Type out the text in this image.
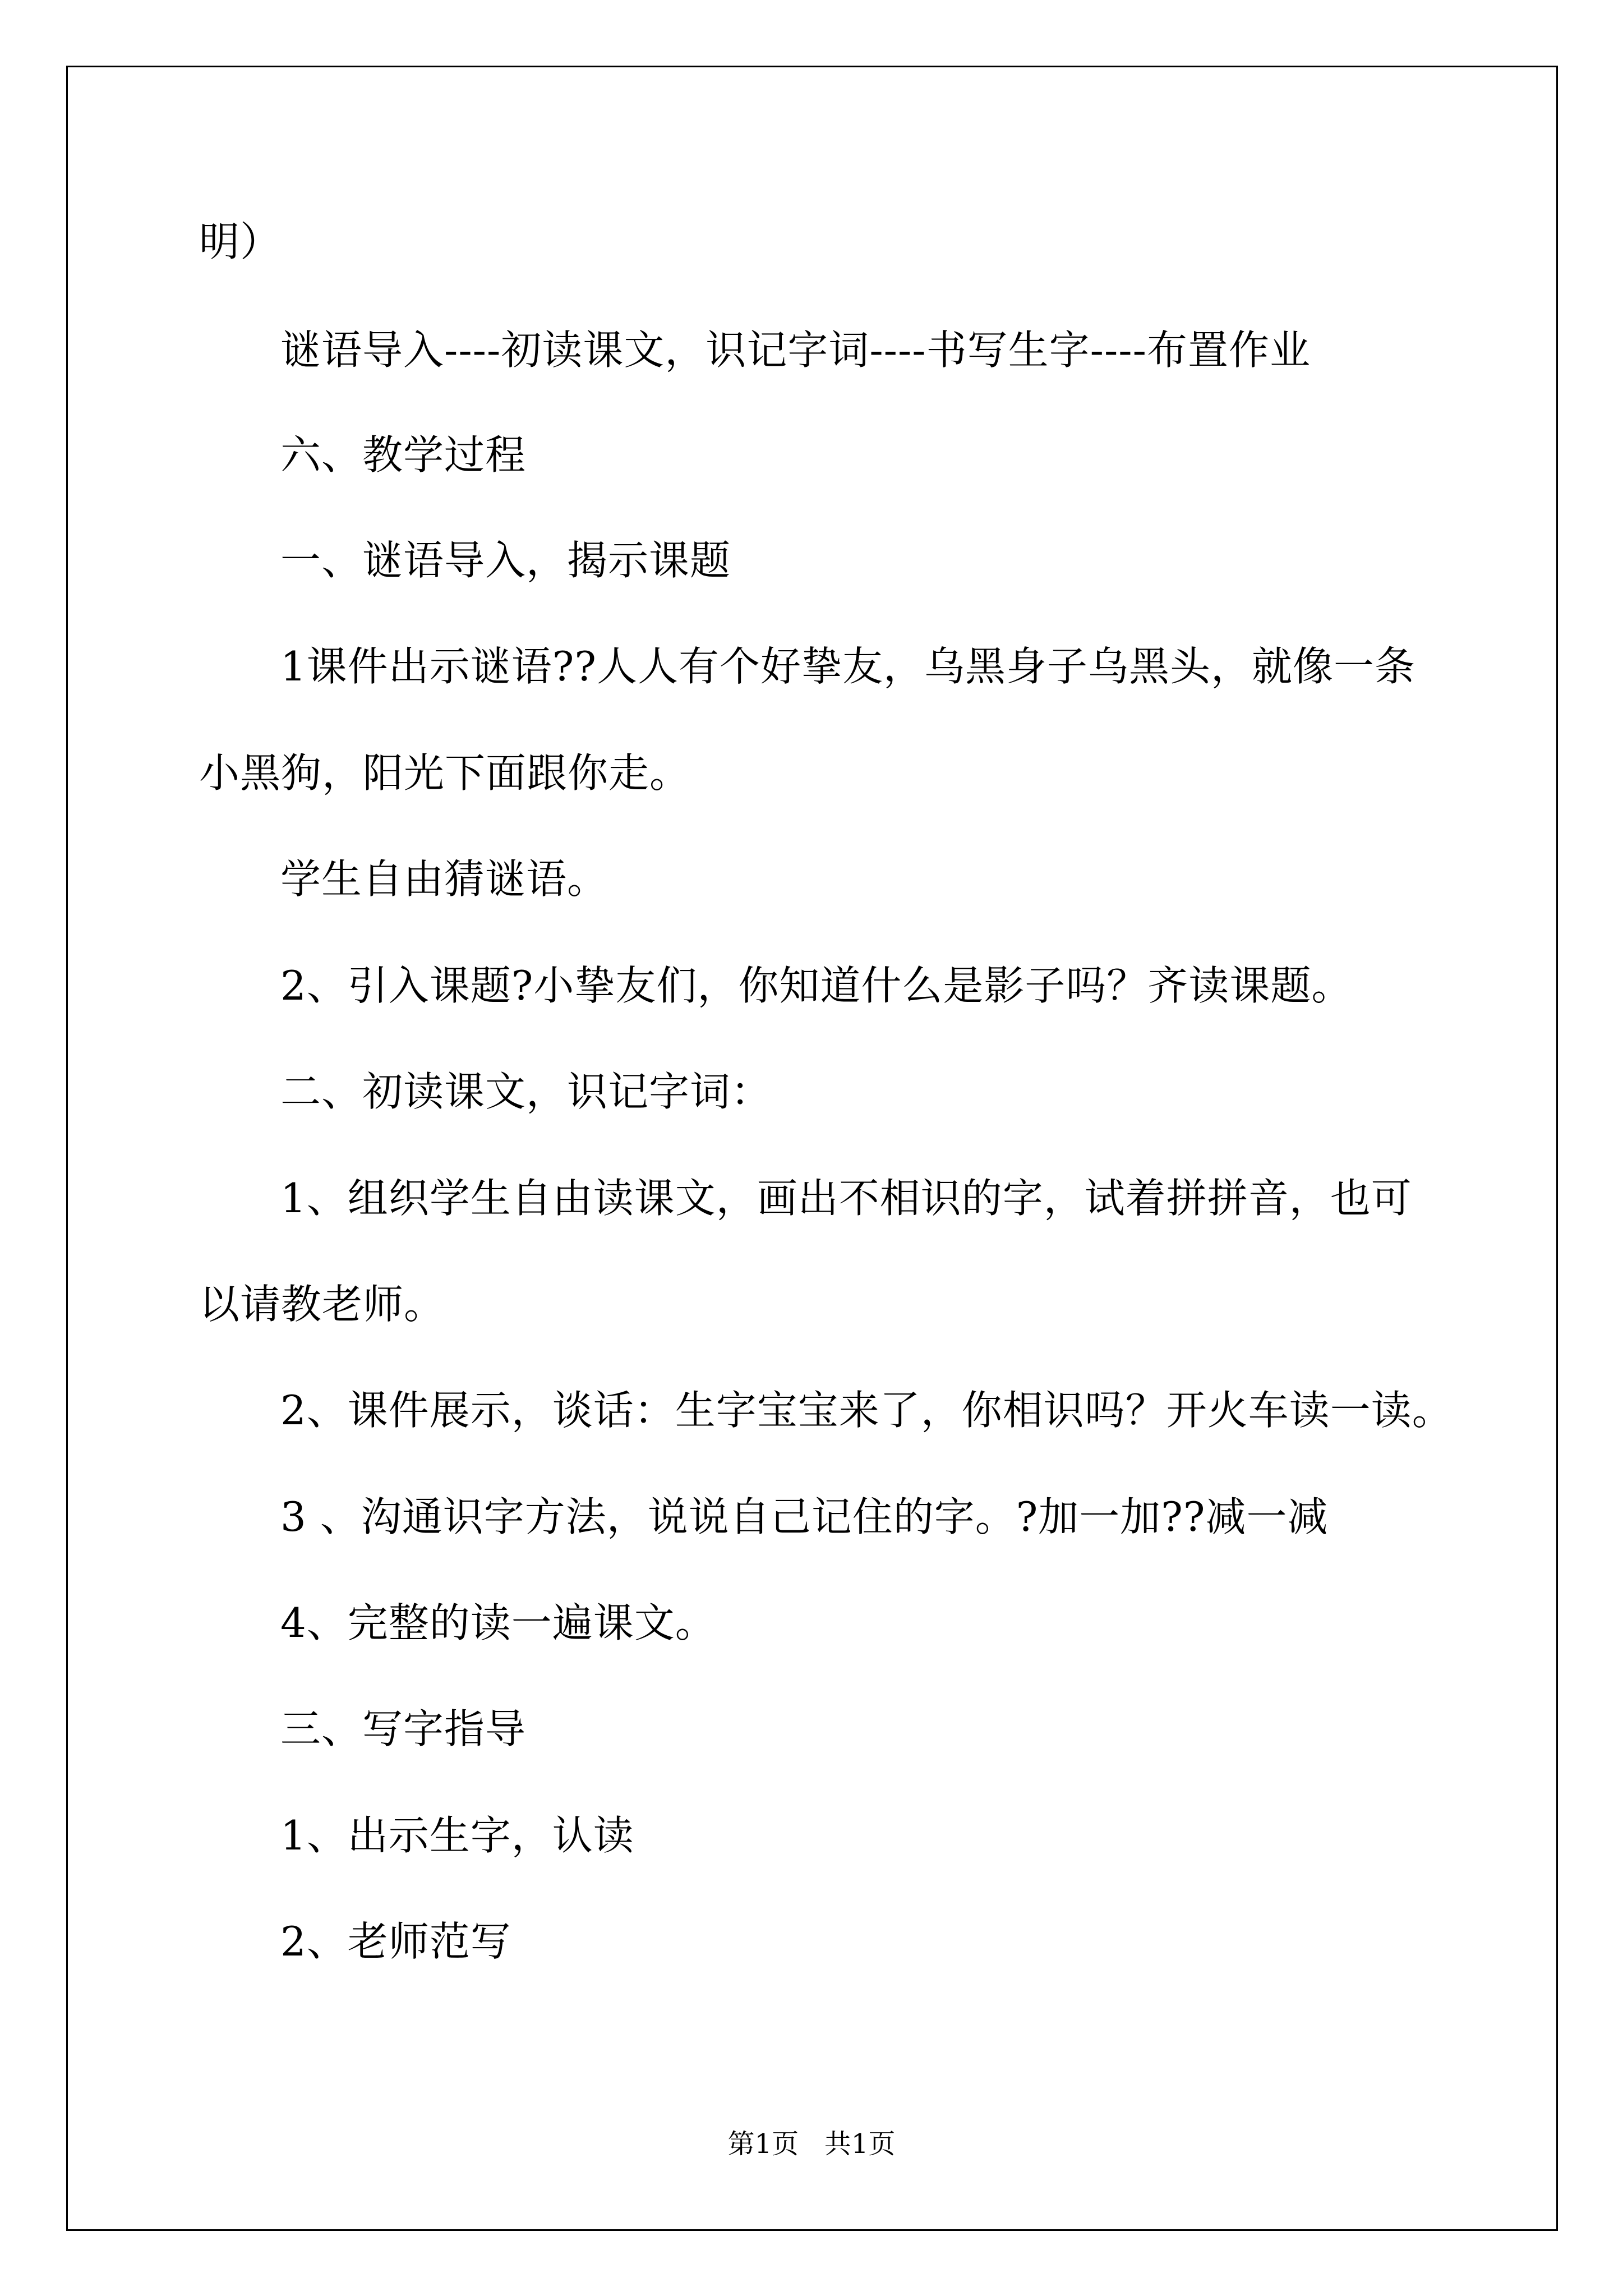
明）
谜语导入----初读课文，识记字词----书写生字----布置作业
六、教学过程
一、谜语导入，揭示课题
1课件出示谜语??人人有个好挚友，乌黑身子乌黑头，就像一条
小黑狗，阳光下面跟你走。
学生自由猜谜语。
2、引入课题?小挚友们，你知道什么是影子吗？齐读课题。
二、初读课文，识记字词：
1、组织学生自由读课文，画出不相识的字，试着拼拼音，也可
以请教老师。
2、课件展示，谈话：生字宝宝来了，你相识吗？开火车读一读。
3 、沟通识字方法，说说自己记住的字。?加一加??减一减
4、完整的读一遍课文。
三、写字指导
1、出示生字，认读
2、老师范写
第1页   共1页
